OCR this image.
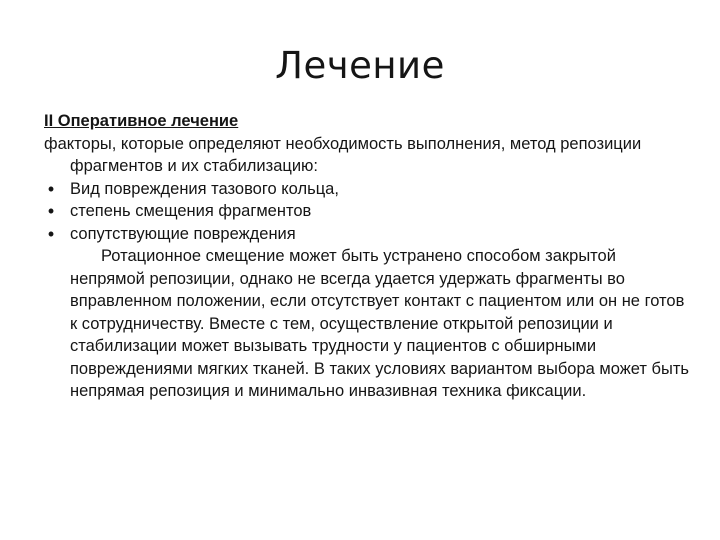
Лечение
II Оперативное лечение

факторы, которые определяют необходимость выполнения, метод репозиции фрагментов и их стабилизацию:

• Вид повреждения тазового кольца,
• степень смещения фрагментов
• сопутствующие повреждения

Ротационное смещение может быть устранено способом закрытой непрямой репозиции, однако не всегда удается удержать фрагменты во вправленном положении, если отсутствует контакт с пациентом или он не готов к сотрудничеству. Вместе с тем, осуществление открытой репозиции и стабилизации может вызывать трудности у пациентов с обширными повреждениями мягких тканей. В таких условиях вариантом выбора может быть непрямая репозиция и минимально инвазивная техника фиксации.
